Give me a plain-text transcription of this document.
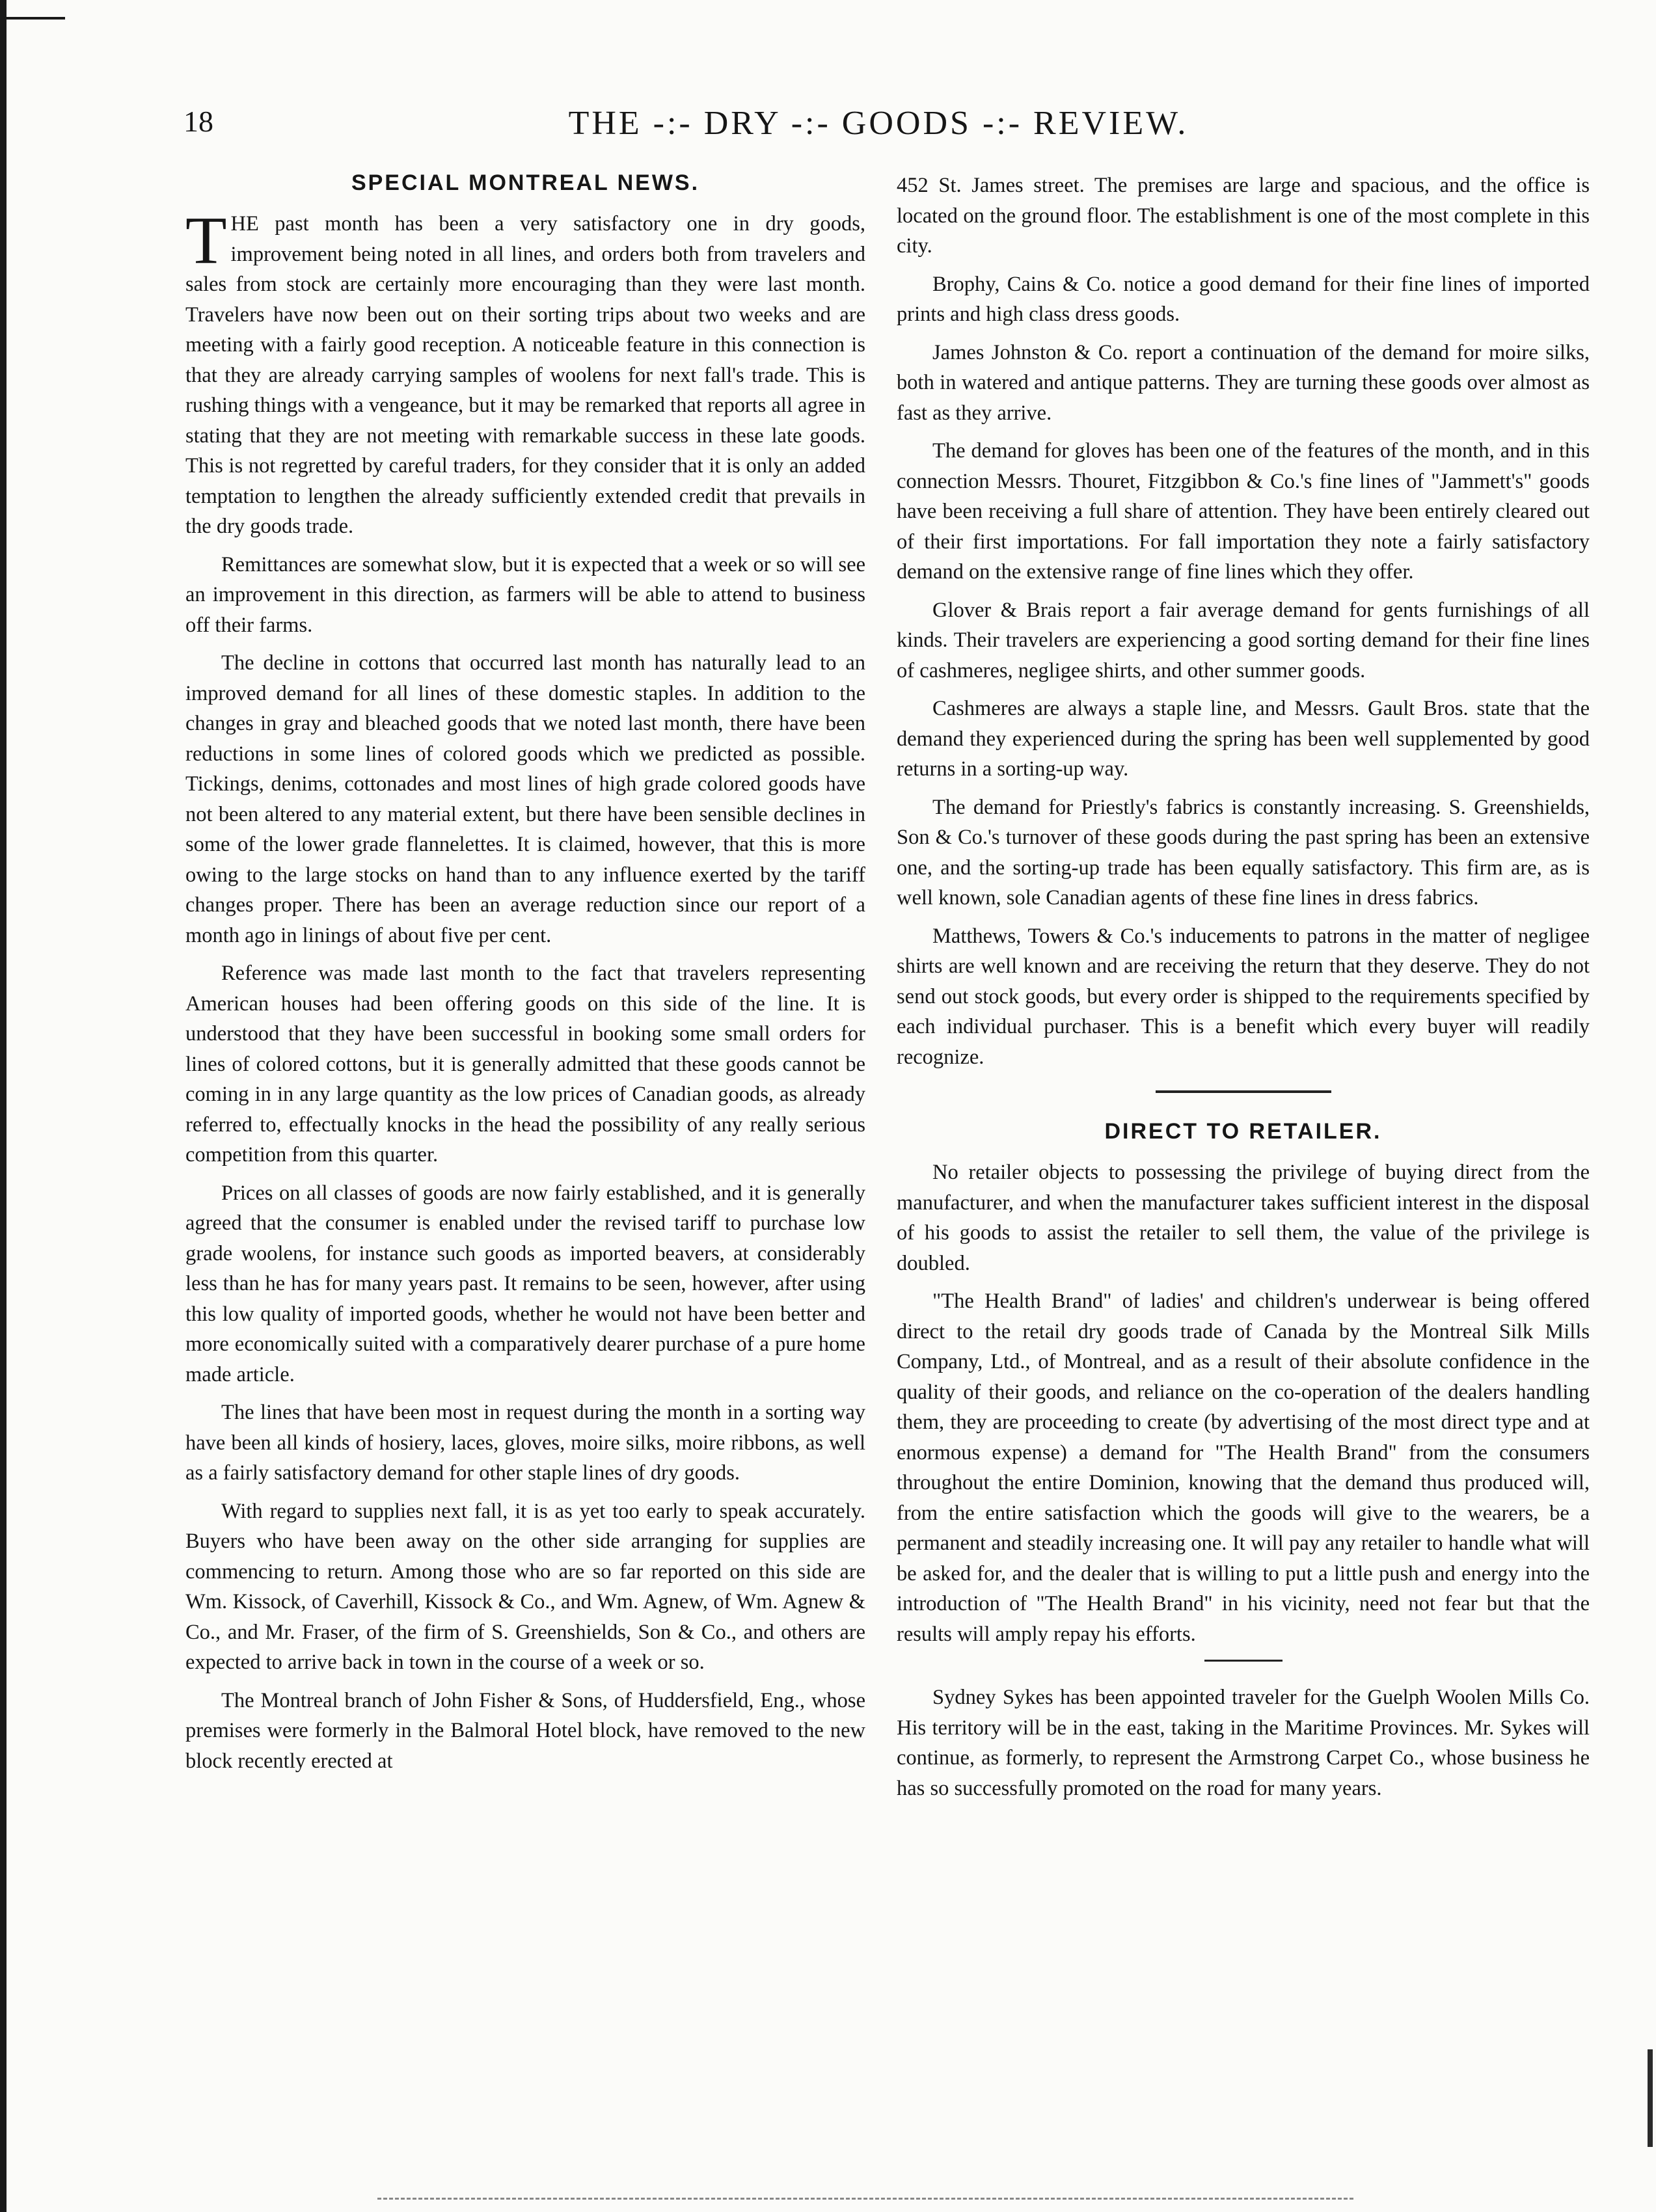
18	THE -:- DRY -:- GOODS -:- REVIEW.
SPECIAL MONTREAL NEWS.

THE past month has been a very satisfactory one in dry goods, improvement being noted in all lines, and orders both from travelers and sales from stock are certainly more encouraging than they were last month. Travelers have now been out on their sorting trips about two weeks and are meeting with a fairly good reception. A noticeable feature in this connection is that they are already carrying samples of woolens for next fall's trade. This is rushing things with a vengeance, but it may be remarked that reports all agree in stating that they are not meeting with remarkable success in these late goods. This is not regretted by careful traders, for they consider that it is only an added temptation to lengthen the already sufficiently extended credit that prevails in the dry goods trade.

Remittances are somewhat slow, but it is expected that a week or so will see an improvement in this direction, as farmers will be able to attend to business off their farms.

The decline in cottons that occurred last month has naturally lead to an improved demand for all lines of these domestic staples. In addition to the changes in gray and bleached goods that we noted last month, there have been reductions in some lines of colored goods which we predicted as possible. Tickings, denims, cottonades and most lines of high grade colored goods have not been altered to any material extent, but there have been sensible declines in some of the lower grade flannelettes. It is claimed, however, that this is more owing to the large stocks on hand than to any influence exerted by the tariff changes proper. There has been an average reduction since our report of a month ago in linings of about five per cent.

Reference was made last month to the fact that travelers representing American houses had been offering goods on this side of the line. It is understood that they have been successful in booking some small orders for lines of colored cottons, but it is generally admitted that these goods cannot be coming in in any large quantity as the low prices of Canadian goods, as already referred to, effectually knocks in the head the possibility of any really serious competition from this quarter.

Prices on all classes of goods are now fairly established, and it is generally agreed that the consumer is enabled under the revised tariff to purchase low grade woolens, for instance such goods as imported beavers, at considerably less than he has for many years past. It remains to be seen, however, after using this low quality of imported goods, whether he would not have been better and more economically suited with a comparatively dearer purchase of a pure home made article.

The lines that have been most in request during the month in a sorting way have been all kinds of hosiery, laces, gloves, moire silks, moire ribbons, as well as a fairly satisfactory demand for other staple lines of dry goods.

With regard to supplies next fall, it is as yet too early to speak accurately. Buyers who have been away on the other side arranging for supplies are commencing to return. Among those who are so far reported on this side are Wm. Kissock, of Caverhill, Kissock & Co., and Wm. Agnew, of Wm. Agnew & Co., and Mr. Fraser, of the firm of S. Greenshields, Son & Co., and others are expected to arrive back in town in the course of a week or so.

The Montreal branch of John Fisher & Sons, of Huddersfield, Eng., whose premises were formerly in the Balmoral Hotel block, have removed to the new block recently erected at

452 St. James street. The premises are large and spacious, and the office is located on the ground floor. The establishment is one of the most complete in this city.

Brophy, Cains & Co. notice a good demand for their fine lines of imported prints and high class dress goods.

James Johnston & Co. report a continuation of the demand for moire silks, both in watered and antique patterns. They are turning these goods over almost as fast as they arrive.

The demand for gloves has been one of the features of the month, and in this connection Messrs. Thouret, Fitzgibbon & Co.'s fine lines of "Jammett's" goods have been receiving a full share of attention. They have been entirely cleared out of their first importations. For fall importation they note a fairly satisfactory demand on the extensive range of fine lines which they offer.

Glover & Brais report a fair average demand for gents furnishings of all kinds. Their travelers are experiencing a good sorting demand for their fine lines of cashmeres, negligee shirts, and other summer goods.

Cashmeres are always a staple line, and Messrs. Gault Bros. state that the demand they experienced during the spring has been well supplemented by good returns in a sorting-up way.

The demand for Priestly's fabrics is constantly increasing. S. Greenshields, Son & Co.'s turnover of these goods during the past spring has been an extensive one, and the sorting-up trade has been equally satisfactory. This firm are, as is well known, sole Canadian agents of these fine lines in dress fabrics.

Matthews, Towers & Co.'s inducements to patrons in the matter of negligee shirts are well known and are receiving the return that they deserve. They do not send out stock goods, but every order is shipped to the requirements specified by each individual purchaser. This is a benefit which every buyer will readily recognize.

DIRECT TO RETAILER.

No retailer objects to possessing the privilege of buying direct from the manufacturer, and when the manufacturer takes sufficient interest in the disposal of his goods to assist the retailer to sell them, the value of the privilege is doubled.

"The Health Brand" of ladies' and children's underwear is being offered direct to the retail dry goods trade of Canada by the Montreal Silk Mills Company, Ltd., of Montreal, and as a result of their absolute confidence in the quality of their goods, and reliance on the co-operation of the dealers handling them, they are proceeding to create (by advertising of the most direct type and at enormous expense) a demand for "The Health Brand" from the consumers throughout the entire Dominion, knowing that the demand thus produced will, from the entire satisfaction which the goods will give to the wearers, be a permanent and steadily increasing one. It will pay any retailer to handle what will be asked for, and the dealer that is willing to put a little push and energy into the introduction of "The Health Brand" in his vicinity, need not fear but that the results will amply repay his efforts.

Sydney Sykes has been appointed traveler for the Guelph Woolen Mills Co. His territory will be in the east, taking in the Maritime Provinces. Mr. Sykes will continue, as formerly, to represent the Armstrong Carpet Co., whose business he has so successfully promoted on the road for many years.
